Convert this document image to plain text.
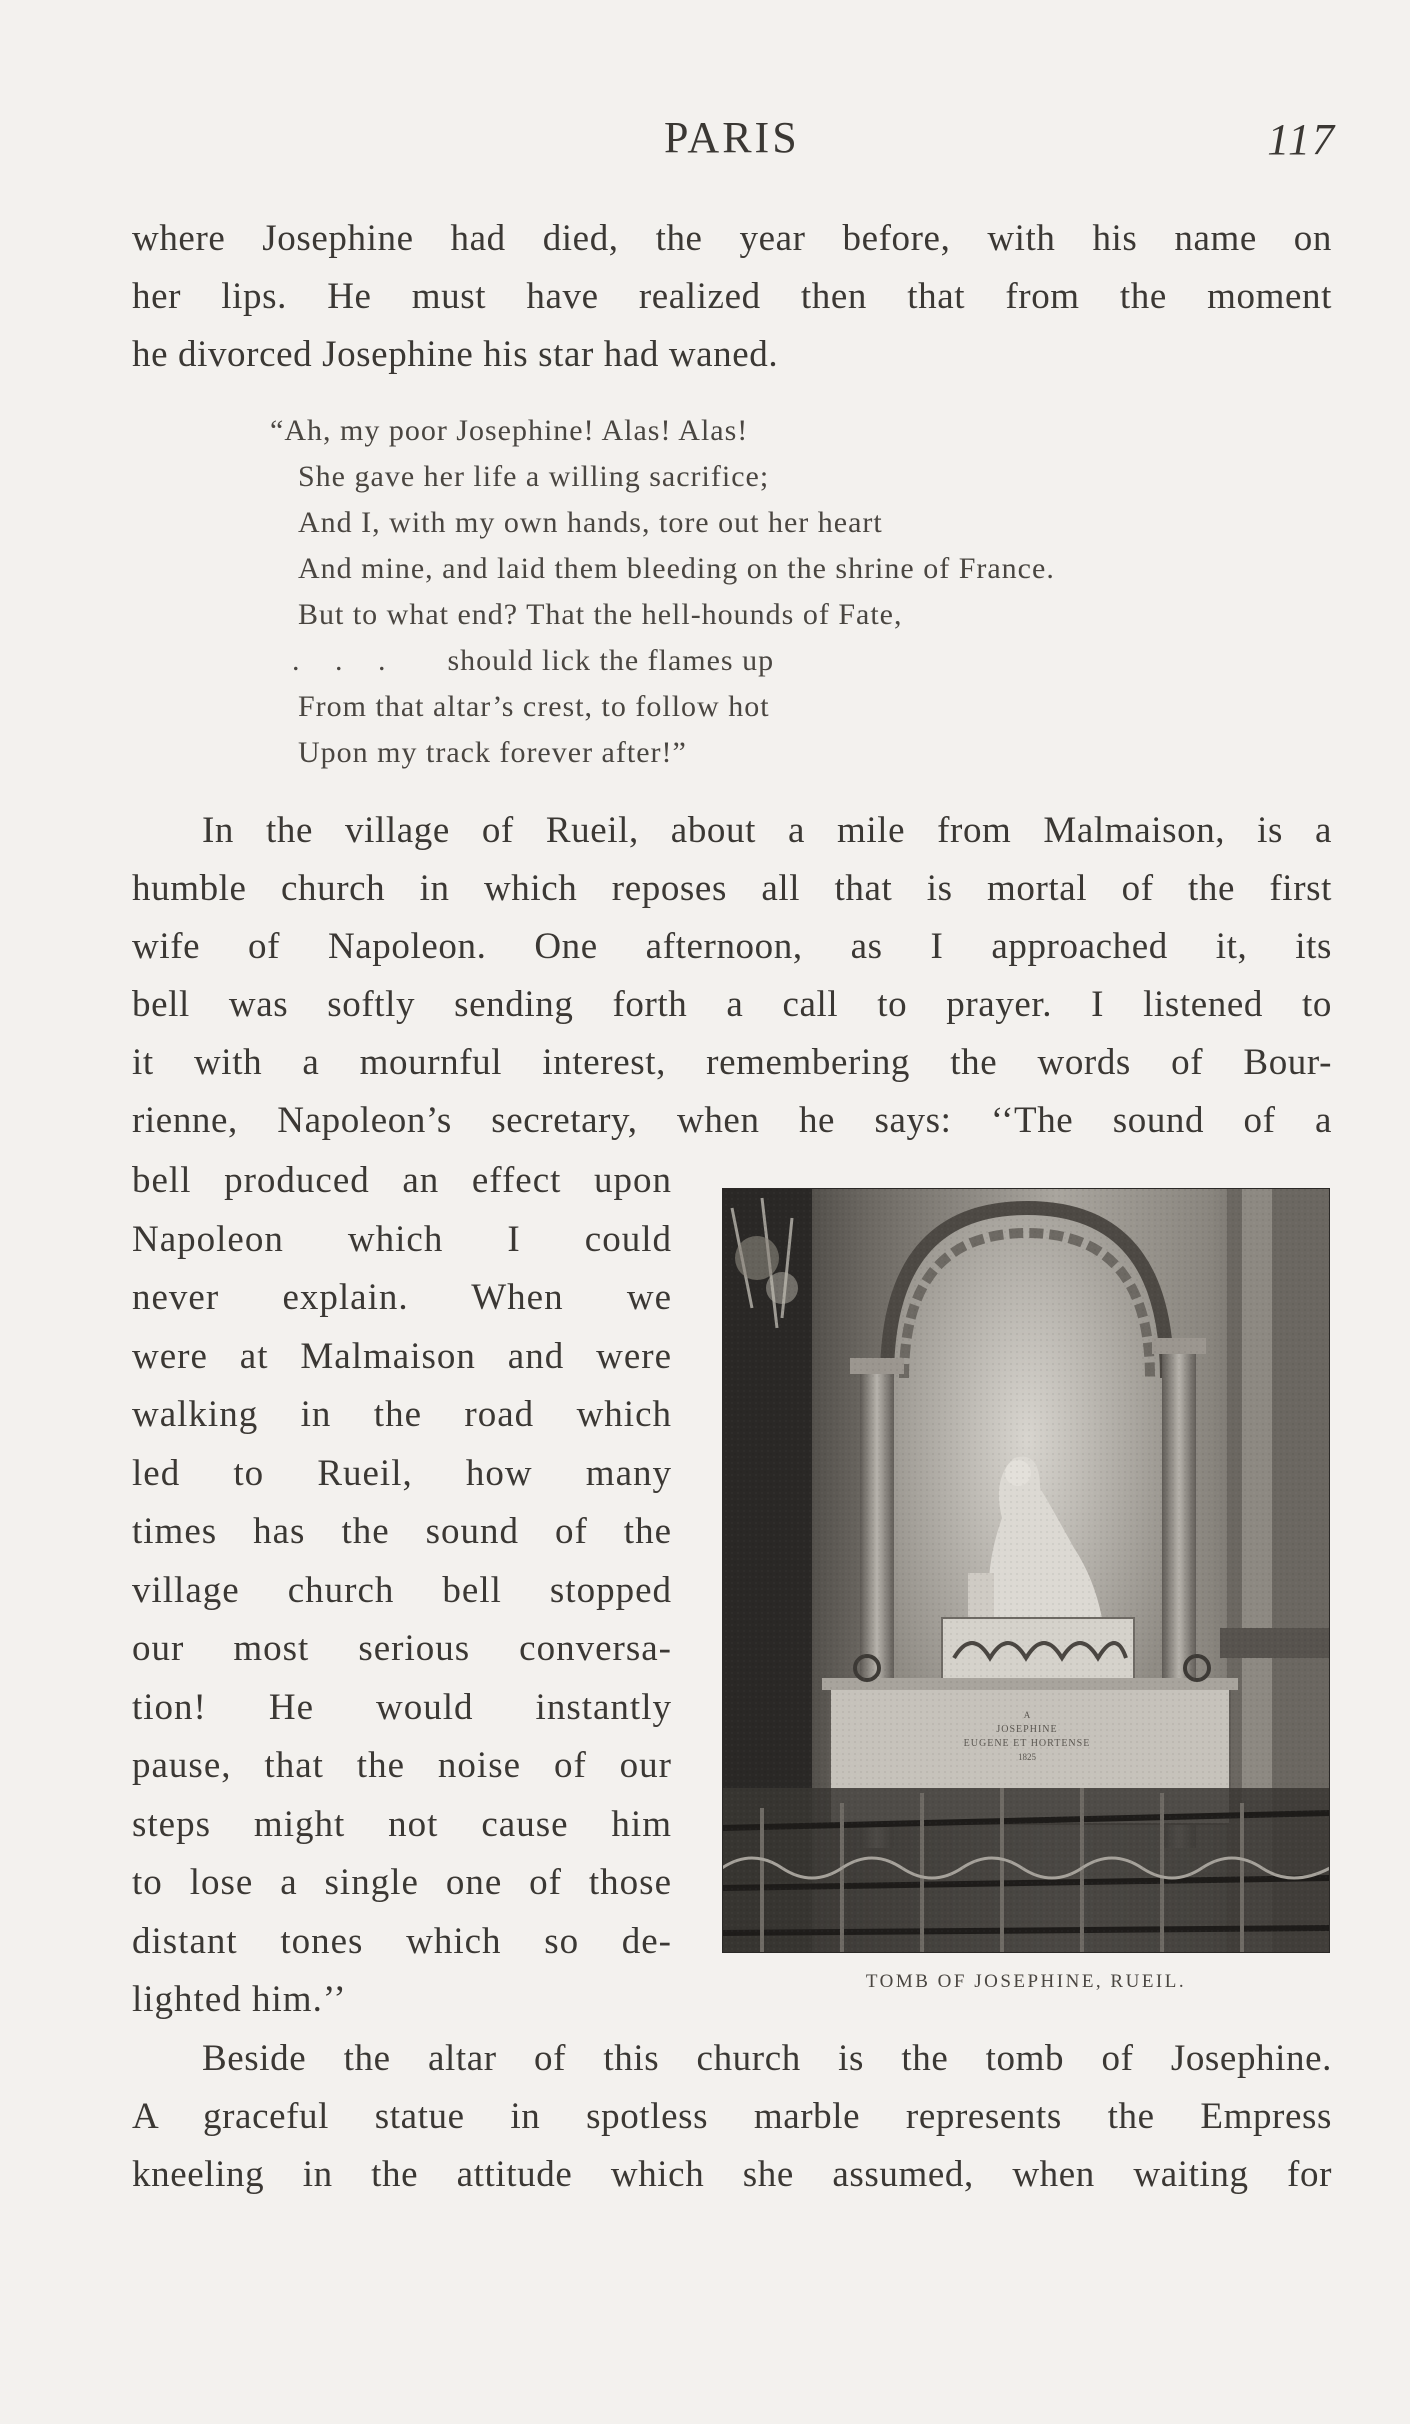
PARIS	117
where Josephine had died, the year before, with his name on
her lips. He must have realized then that from the moment
he divorced Josephine his star had waned.
“Ah, my poor Josephine! Alas! Alas!
She gave her life a willing sacrifice;
And I, with my own hands, tore out her heart
And mine, and laid them bleeding on the shrine of France.
But to what end? That the hell-hounds of Fate,
. . . should lick the flames up
From that altar’s crest, to follow hot
Upon my track forever after!”
In the village of Rueil, about a mile from Malmaison, is a
humble church in which reposes all that is mortal of the first
wife of Napoleon. One afternoon, as I approached it, its
bell was softly sending forth a call to prayer. I listened to
it with a mournful interest, remembering the words of Bour-
rienne, Napoleon’s secretary, when he says: ‘‘The sound of a
bell produced an effect upon
Napoleon which I could
never explain. When we
were at Malmaison and were
walking in the road which
led to Rueil, how many
times has the sound of the
village church bell stopped
our most serious conversa-
tion! He would instantly
pause, that the noise of our
steps might not cause him
to lose a single one of those
distant tones which so de-
lighted him.’’	TOMB OF JOSEPHINE, RUEIL.
Beside the altar of this church is the tomb of Josephine.
A graceful statue in spotless marble represents the Empress
kneeling in the attitude which she assumed, when waiting for
